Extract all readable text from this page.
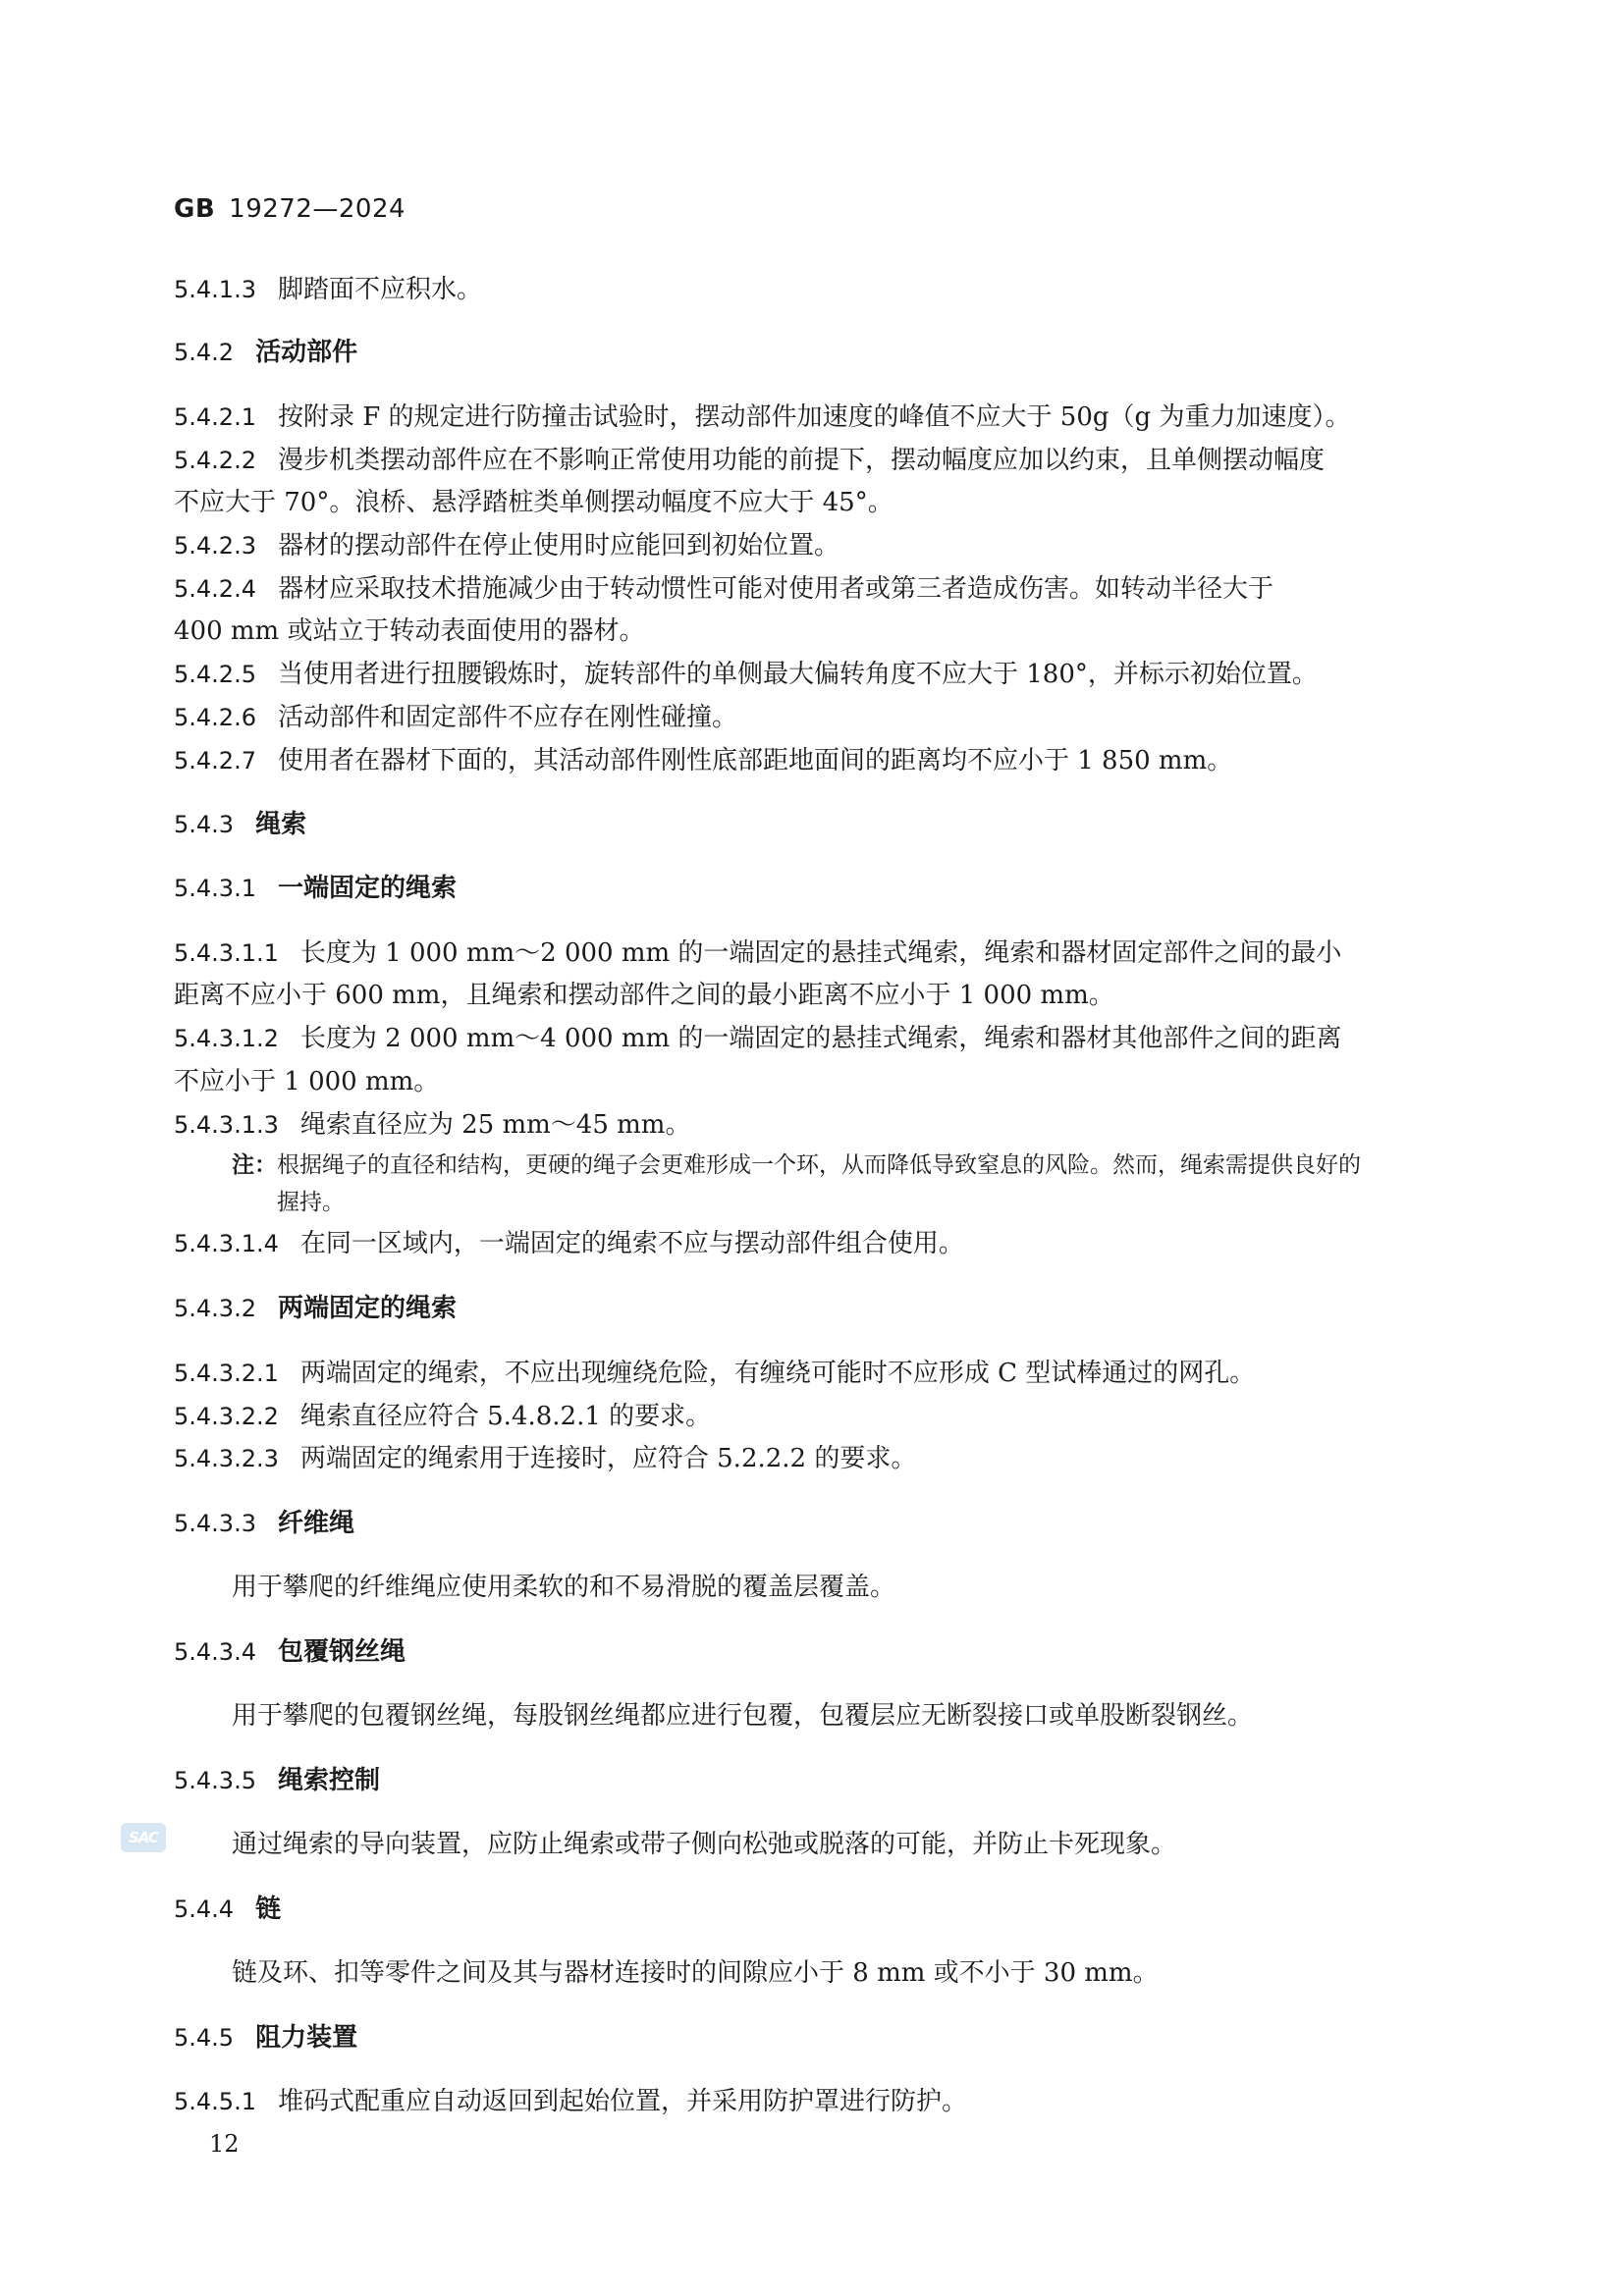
GB 19272—2024
5.4.1.3 脚踏面不应积水。
5.4.2 活动部件
5.4.2.1 按附录 F 的规定进行防撞击试验时，摆动部件加速度的峰值不应大于 50g（g 为重力加速度）。
5.4.2.2 漫步机类摆动部件应在不影响正常使用功能的前提下，摆动幅度应加以约束，且单侧摆动幅度
不应大于 70°。浪桥、悬浮踏桩类单侧摆动幅度不应大于 45°。
5.4.2.3 器材的摆动部件在停止使用时应能回到初始位置。
5.4.2.4 器材应采取技术措施减少由于转动惯性可能对使用者或第三者造成伤害。如转动半径大于
400 mm 或站立于转动表面使用的器材。
5.4.2.5 当使用者进行扭腰锻炼时，旋转部件的单侧最大偏转角度不应大于 180°，并标示初始位置。
5.4.2.6 活动部件和固定部件不应存在刚性碰撞。
5.4.2.7 使用者在器材下面的，其活动部件刚性底部距地面间的距离均不应小于 1 850 mm。
5.4.3 绳索
5.4.3.1 一端固定的绳索
5.4.3.1.1 长度为 1 000 mm～2 000 mm 的一端固定的悬挂式绳索，绳索和器材固定部件之间的最小
距离不应小于 600 mm，且绳索和摆动部件之间的最小距离不应小于 1 000 mm。
5.4.3.1.2 长度为 2 000 mm～4 000 mm 的一端固定的悬挂式绳索，绳索和器材其他部件之间的距离
不应小于 1 000 mm。
5.4.3.1.3 绳索直径应为 25 mm～45 mm。
注：根据绳子的直径和结构，更硬的绳子会更难形成一个环，从而降低导致窒息的风险。然而，绳索需提供良好的
握持。
5.4.3.1.4 在同一区域内，一端固定的绳索不应与摆动部件组合使用。
5.4.3.2 两端固定的绳索
5.4.3.2.1 两端固定的绳索，不应出现缠绕危险，有缠绕可能时不应形成 C 型试棒通过的网孔。
5.4.3.2.2 绳索直径应符合 5.4.8.2.1 的要求。
5.4.3.2.3 两端固定的绳索用于连接时，应符合 5.2.2.2 的要求。
5.4.3.3 纤维绳
用于攀爬的纤维绳应使用柔软的和不易滑脱的覆盖层覆盖。
5.4.3.4 包覆钢丝绳
用于攀爬的包覆钢丝绳，每股钢丝绳都应进行包覆，包覆层应无断裂接口或单股断裂钢丝。
5.4.3.5 绳索控制
通过绳索的导向装置，应防止绳索或带子侧向松弛或脱落的可能，并防止卡死现象。
5.4.4 链
链及环、扣等零件之间及其与器材连接时的间隙应小于 8 mm 或不小于 30 mm。
5.4.5 阻力装置
5.4.5.1 堆码式配重应自动返回到起始位置，并采用防护罩进行防护。
12
SAC
